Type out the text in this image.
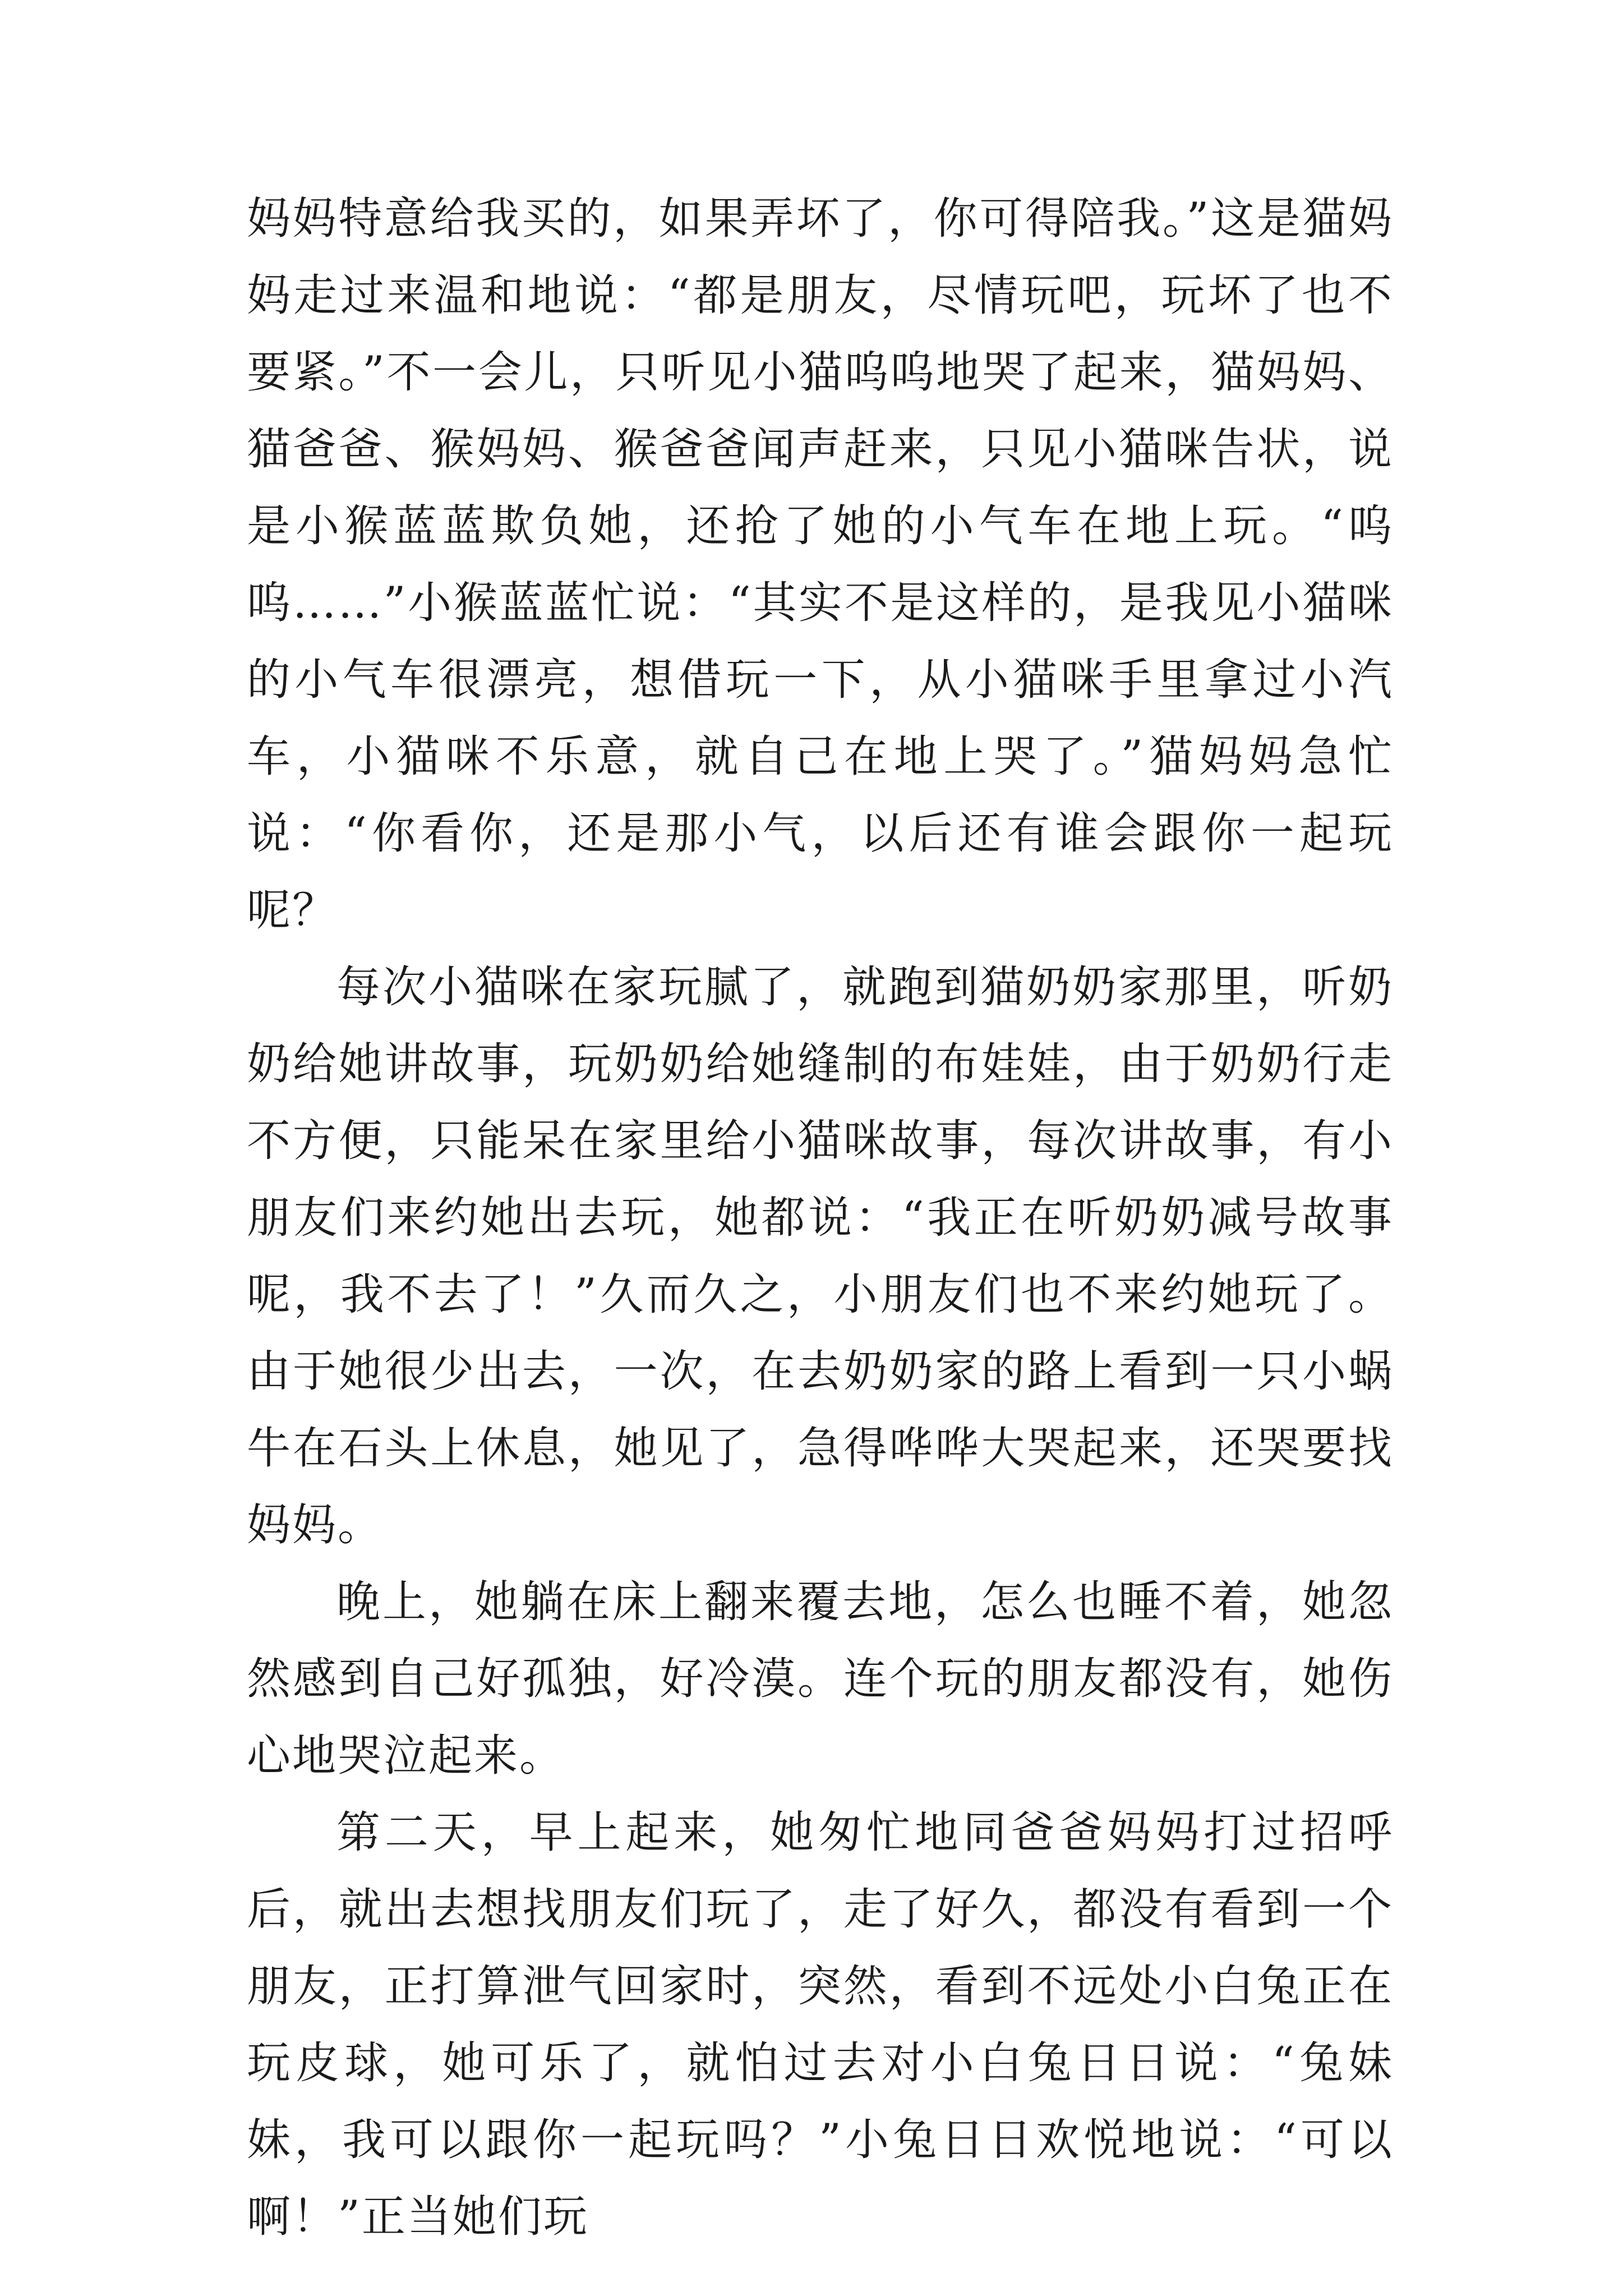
妈妈特意给我买的，如果弄坏了，你可得陪我。”这是猫妈妈走过来温和地说：“都是朋友，尽情玩吧，玩坏了也不要紧。”不一会儿，只听见小猫呜呜地哭了起来，猫妈妈、猫爸爸、猴妈妈、猴爸爸闻声赶来，只见小猫咪告状，说是小猴蓝蓝欺负她，还抢了她的小气车在地上玩。“呜呜……”小猴蓝蓝忙说：“其实不是这样的，是我见小猫咪的小气车很漂亮，想借玩一下，从小猫咪手里拿过小汽车，小猫咪不乐意，就自己在地上哭了。”猫妈妈急忙说：“你看你，还是那小气，以后还有谁会跟你一起玩呢？

每次小猫咪在家玩腻了，就跑到猫奶奶家那里，听奶奶给她讲故事，玩奶奶给她缝制的布娃娃，由于奶奶行走不方便，只能呆在家里给小猫咪故事，每次讲故事，有小朋友们来约她出去玩，她都说：“我正在听奶奶减号故事呢，我不去了！”久而久之，小朋友们也不来约她玩了。由于她很少出去，一次，在去奶奶家的路上看到一只小蜗牛在石头上休息，她见了，急得哗哗大哭起来，还哭要找妈妈。

晚上，她躺在床上翻来覆去地，怎么也睡不着，她忽然感到自己好孤独，好冷漠。连个玩的朋友都没有，她伤心地哭泣起来。

第二天，早上起来，她匆忙地同爸爸妈妈打过招呼后，就出去想找朋友们玩了，走了好久，都没有看到一个朋友，正打算泄气回家时，突然，看到不远处小白兔正在玩皮球，她可乐了，就怕过去对小白兔日日说：“兔妹妹，我可以跟你一起玩吗？”小兔日日欢悦地说：“可以啊！”正当她们玩
